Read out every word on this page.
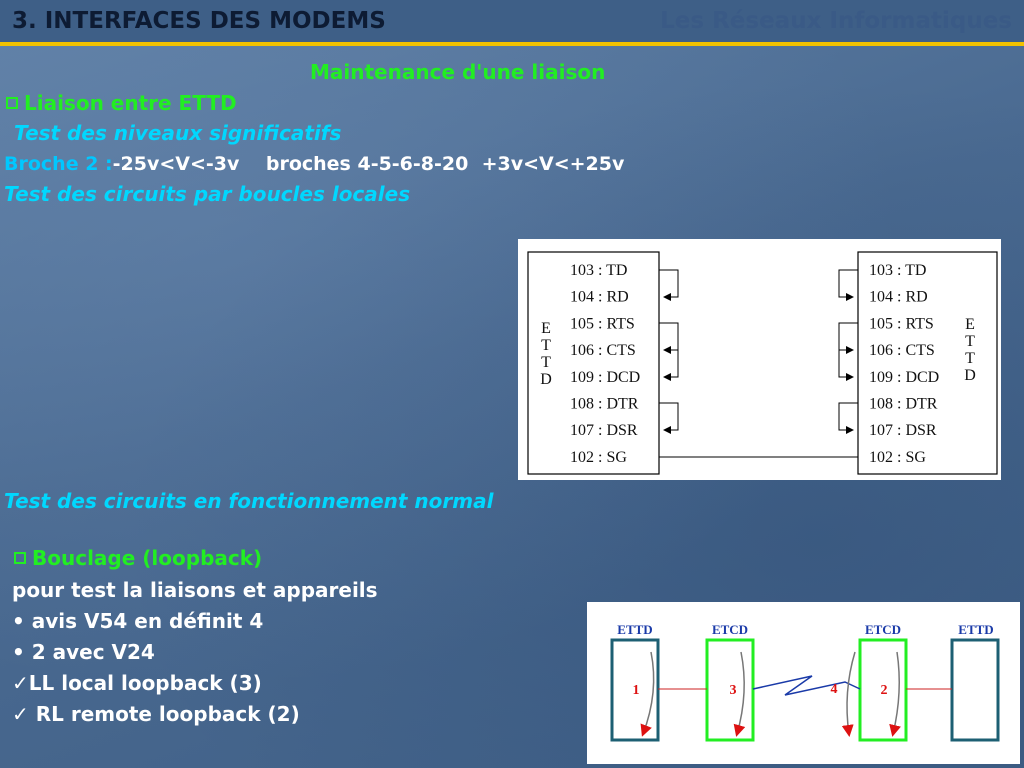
3. INTERFACES DES MODEMS	Les Réseaux Informatiques
Maintenance d'une liaison
Liaison entre ETTD
Test des niveaux significatifs
Broche 2 :-25v<V<-3v    broches 4-5-6-8-20  +3v<V<+25v
Test des circuits par boucles locales
103 : TD
104 : RD
105 : RTS
106 : CTS
109 : DCD
108 : DTR
107 : DSR
102 : SG
103 : TD
104 : RD
105 : RTS
106 : CTS
109 : DCD
108 : DTR
107 : DSR
102 : SG
E
T
T
D
E
T
T
D
Test des circuits en fonctionnement normal
Bouclage (loopback)
pour test la liaisons et appareils
• avis V54 en définit 4
• 2 avec V24
✓LL local loopback (3)
✓ RL remote loopback (2)
ETTD	ETCD	ETCD	ETTD
1	3	4	2
